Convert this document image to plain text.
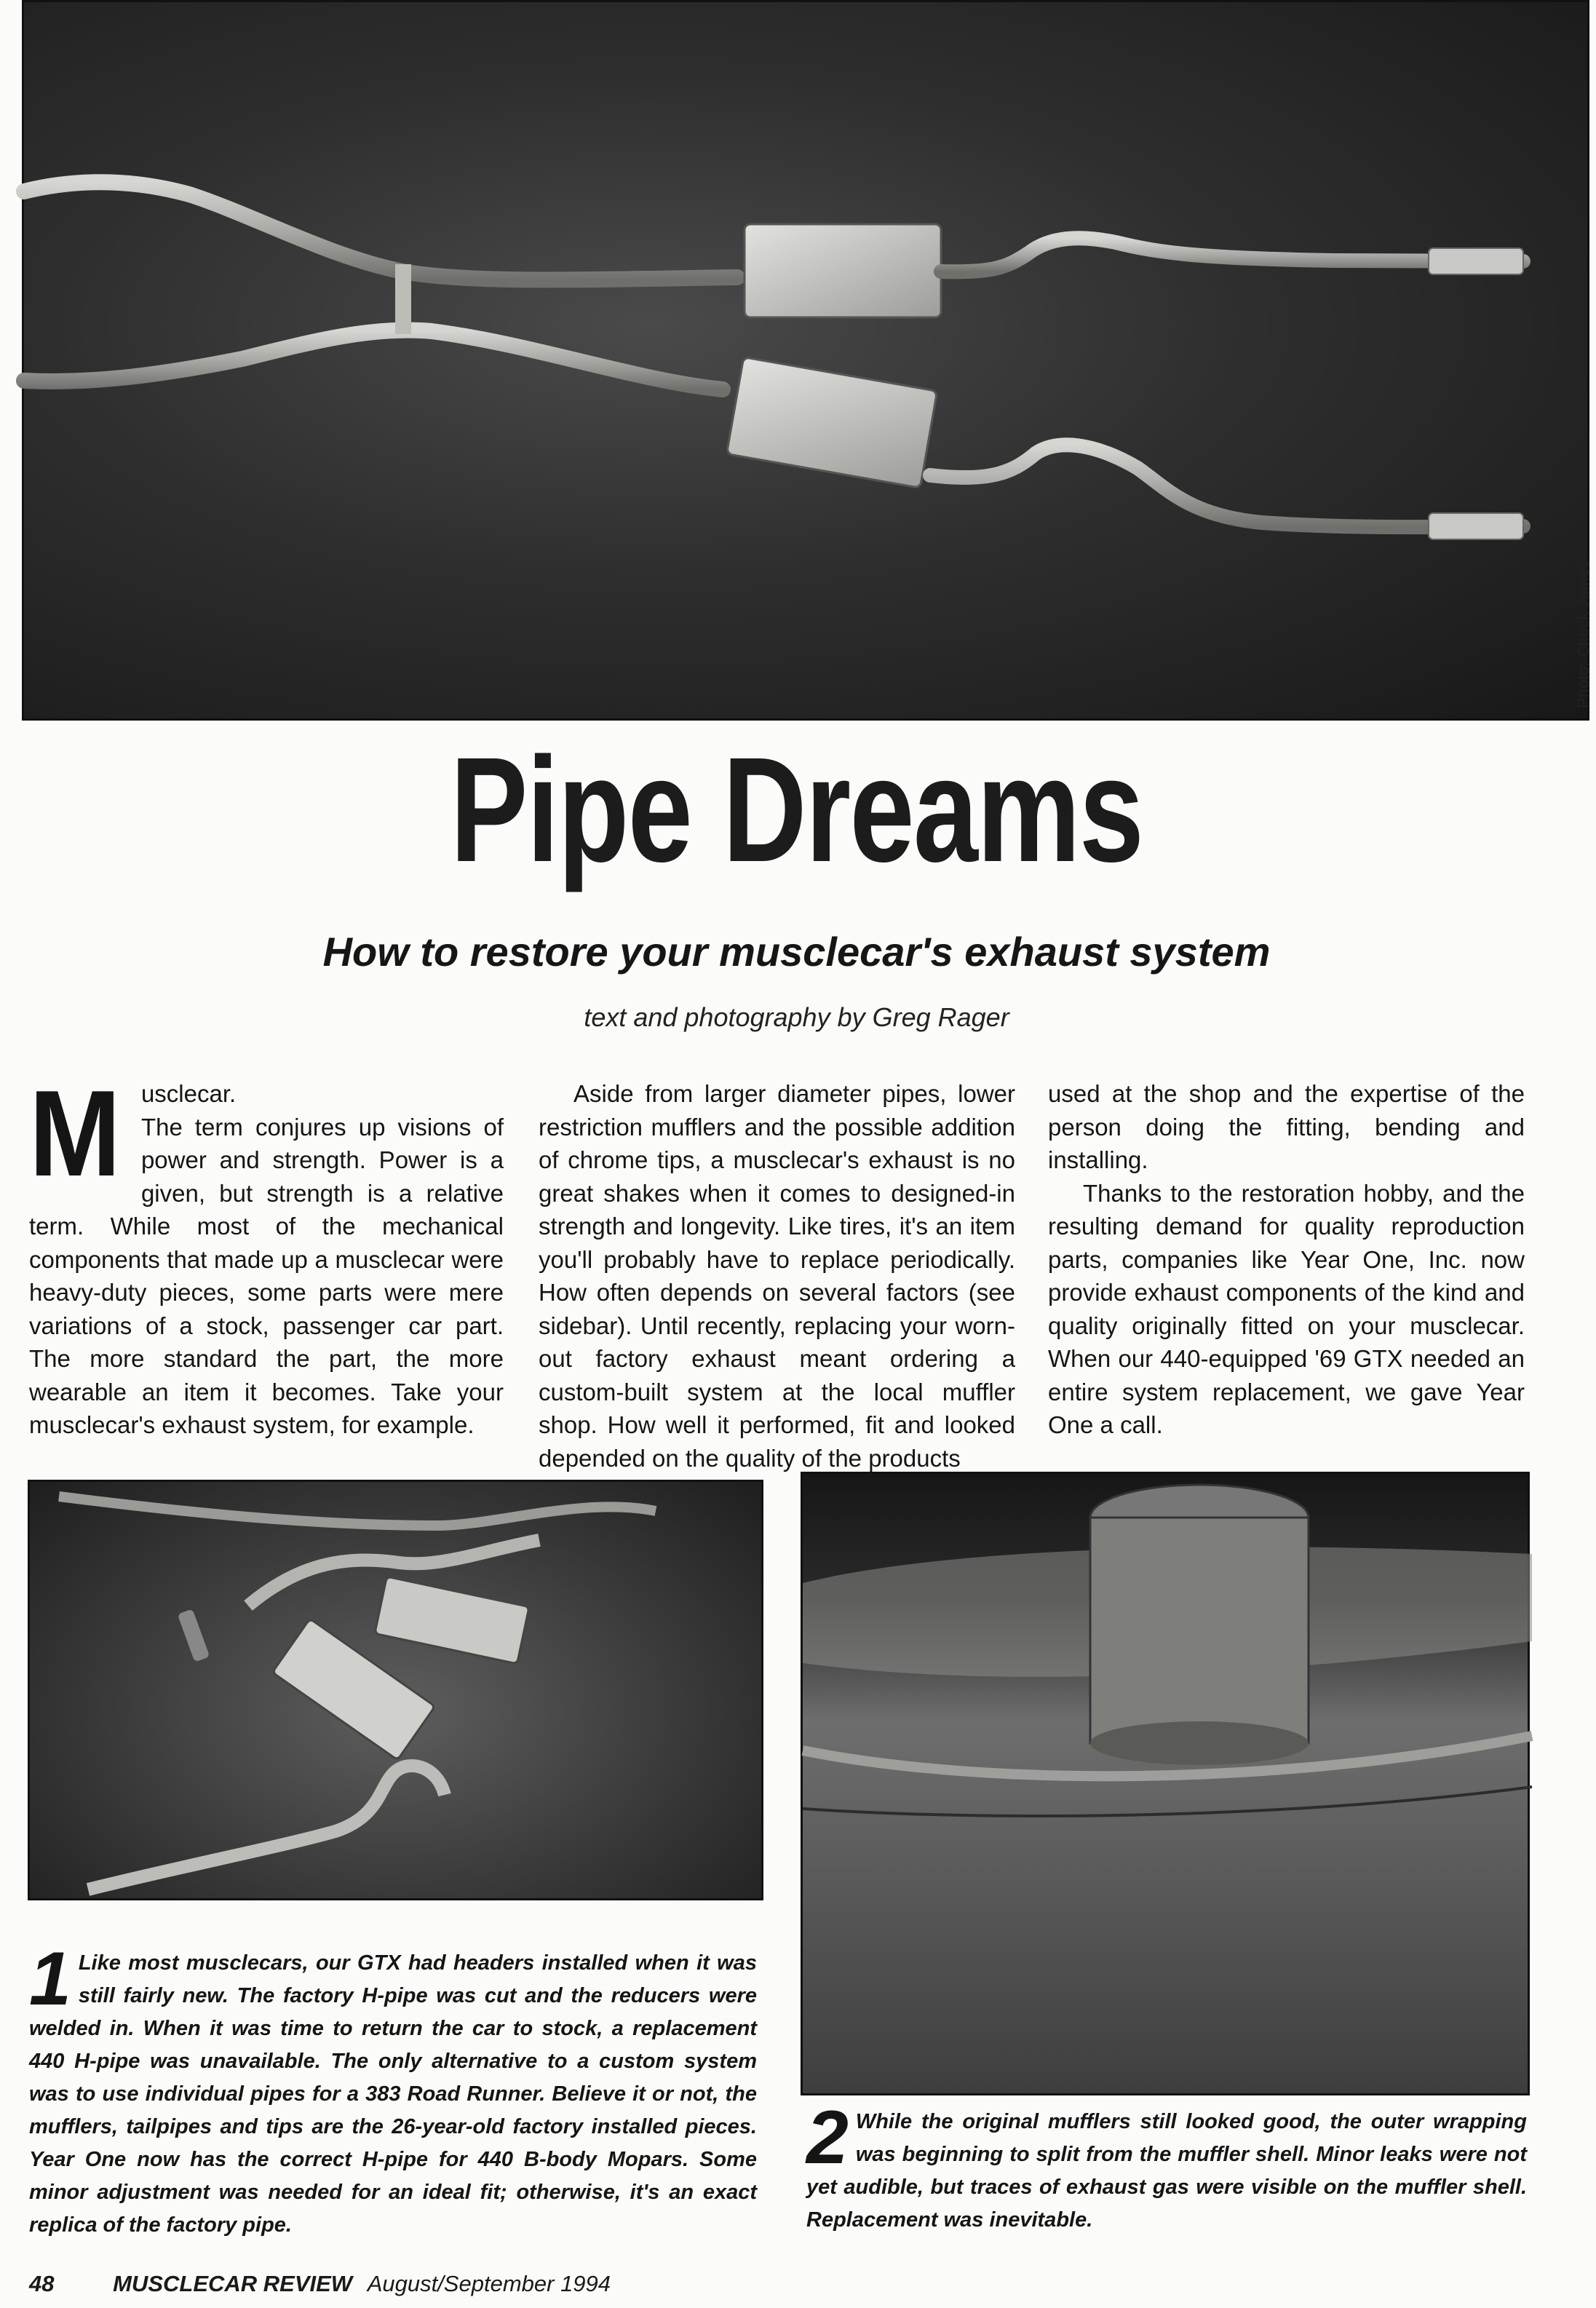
Photo: Chuck James
Pipe Dreams
How to restore your musclecar's exhaust system
text and photography by Greg Rager

Musclecar.
The term conjures up visions of power and strength. Power is a given, but strength is a relative term. While most of the mechanical components that made up a musclecar were heavy-duty pieces, some parts were mere variations of a stock, passenger car part. The more standard the part, the more wearable an item it becomes. Take your musclecar's exhaust system, for example.

Aside from larger diameter pipes, lower restriction mufflers and the possible addition of chrome tips, a musclecar's exhaust is no great shakes when it comes to designed-in strength and longevity. Like tires, it's an item you'll probably have to replace periodically. How often depends on several factors (see sidebar). Until recently, replacing your worn-out factory exhaust meant ordering a custom-built system at the local muffler shop. How well it performed, fit and looked depended on the quality of the products

used at the shop and the expertise of the person doing the fitting, bending and installing.

Thanks to the restoration hobby, and the resulting demand for quality reproduction parts, companies like Year One, Inc. now provide exhaust components of the kind and quality originally fitted on your musclecar. When our 440-equipped '69 GTX needed an entire system replacement, we gave Year One a call.

1 Like most musclecars, our GTX had headers installed when it was still fairly new. The factory H-pipe was cut and the reducers were welded in. When it was time to return the car to stock, a replacement 440 H-pipe was unavailable. The only alternative to a custom system was to use individual pipes for a 383 Road Runner. Believe it or not, the mufflers, tailpipes and tips are the 26-year-old factory installed pieces. Year One now has the correct H-pipe for 440 B-body Mopars. Some minor adjustment was needed for an ideal fit; otherwise, it's an exact replica of the factory pipe.
2 While the original mufflers still looked good, the outer wrapping was beginning to split from the muffler shell. Minor leaks were not yet audible, but traces of exhaust gas were visible on the muffler shell. Replacement was inevitable.
48	MUSCLECAR REVIEW August/September 1994
